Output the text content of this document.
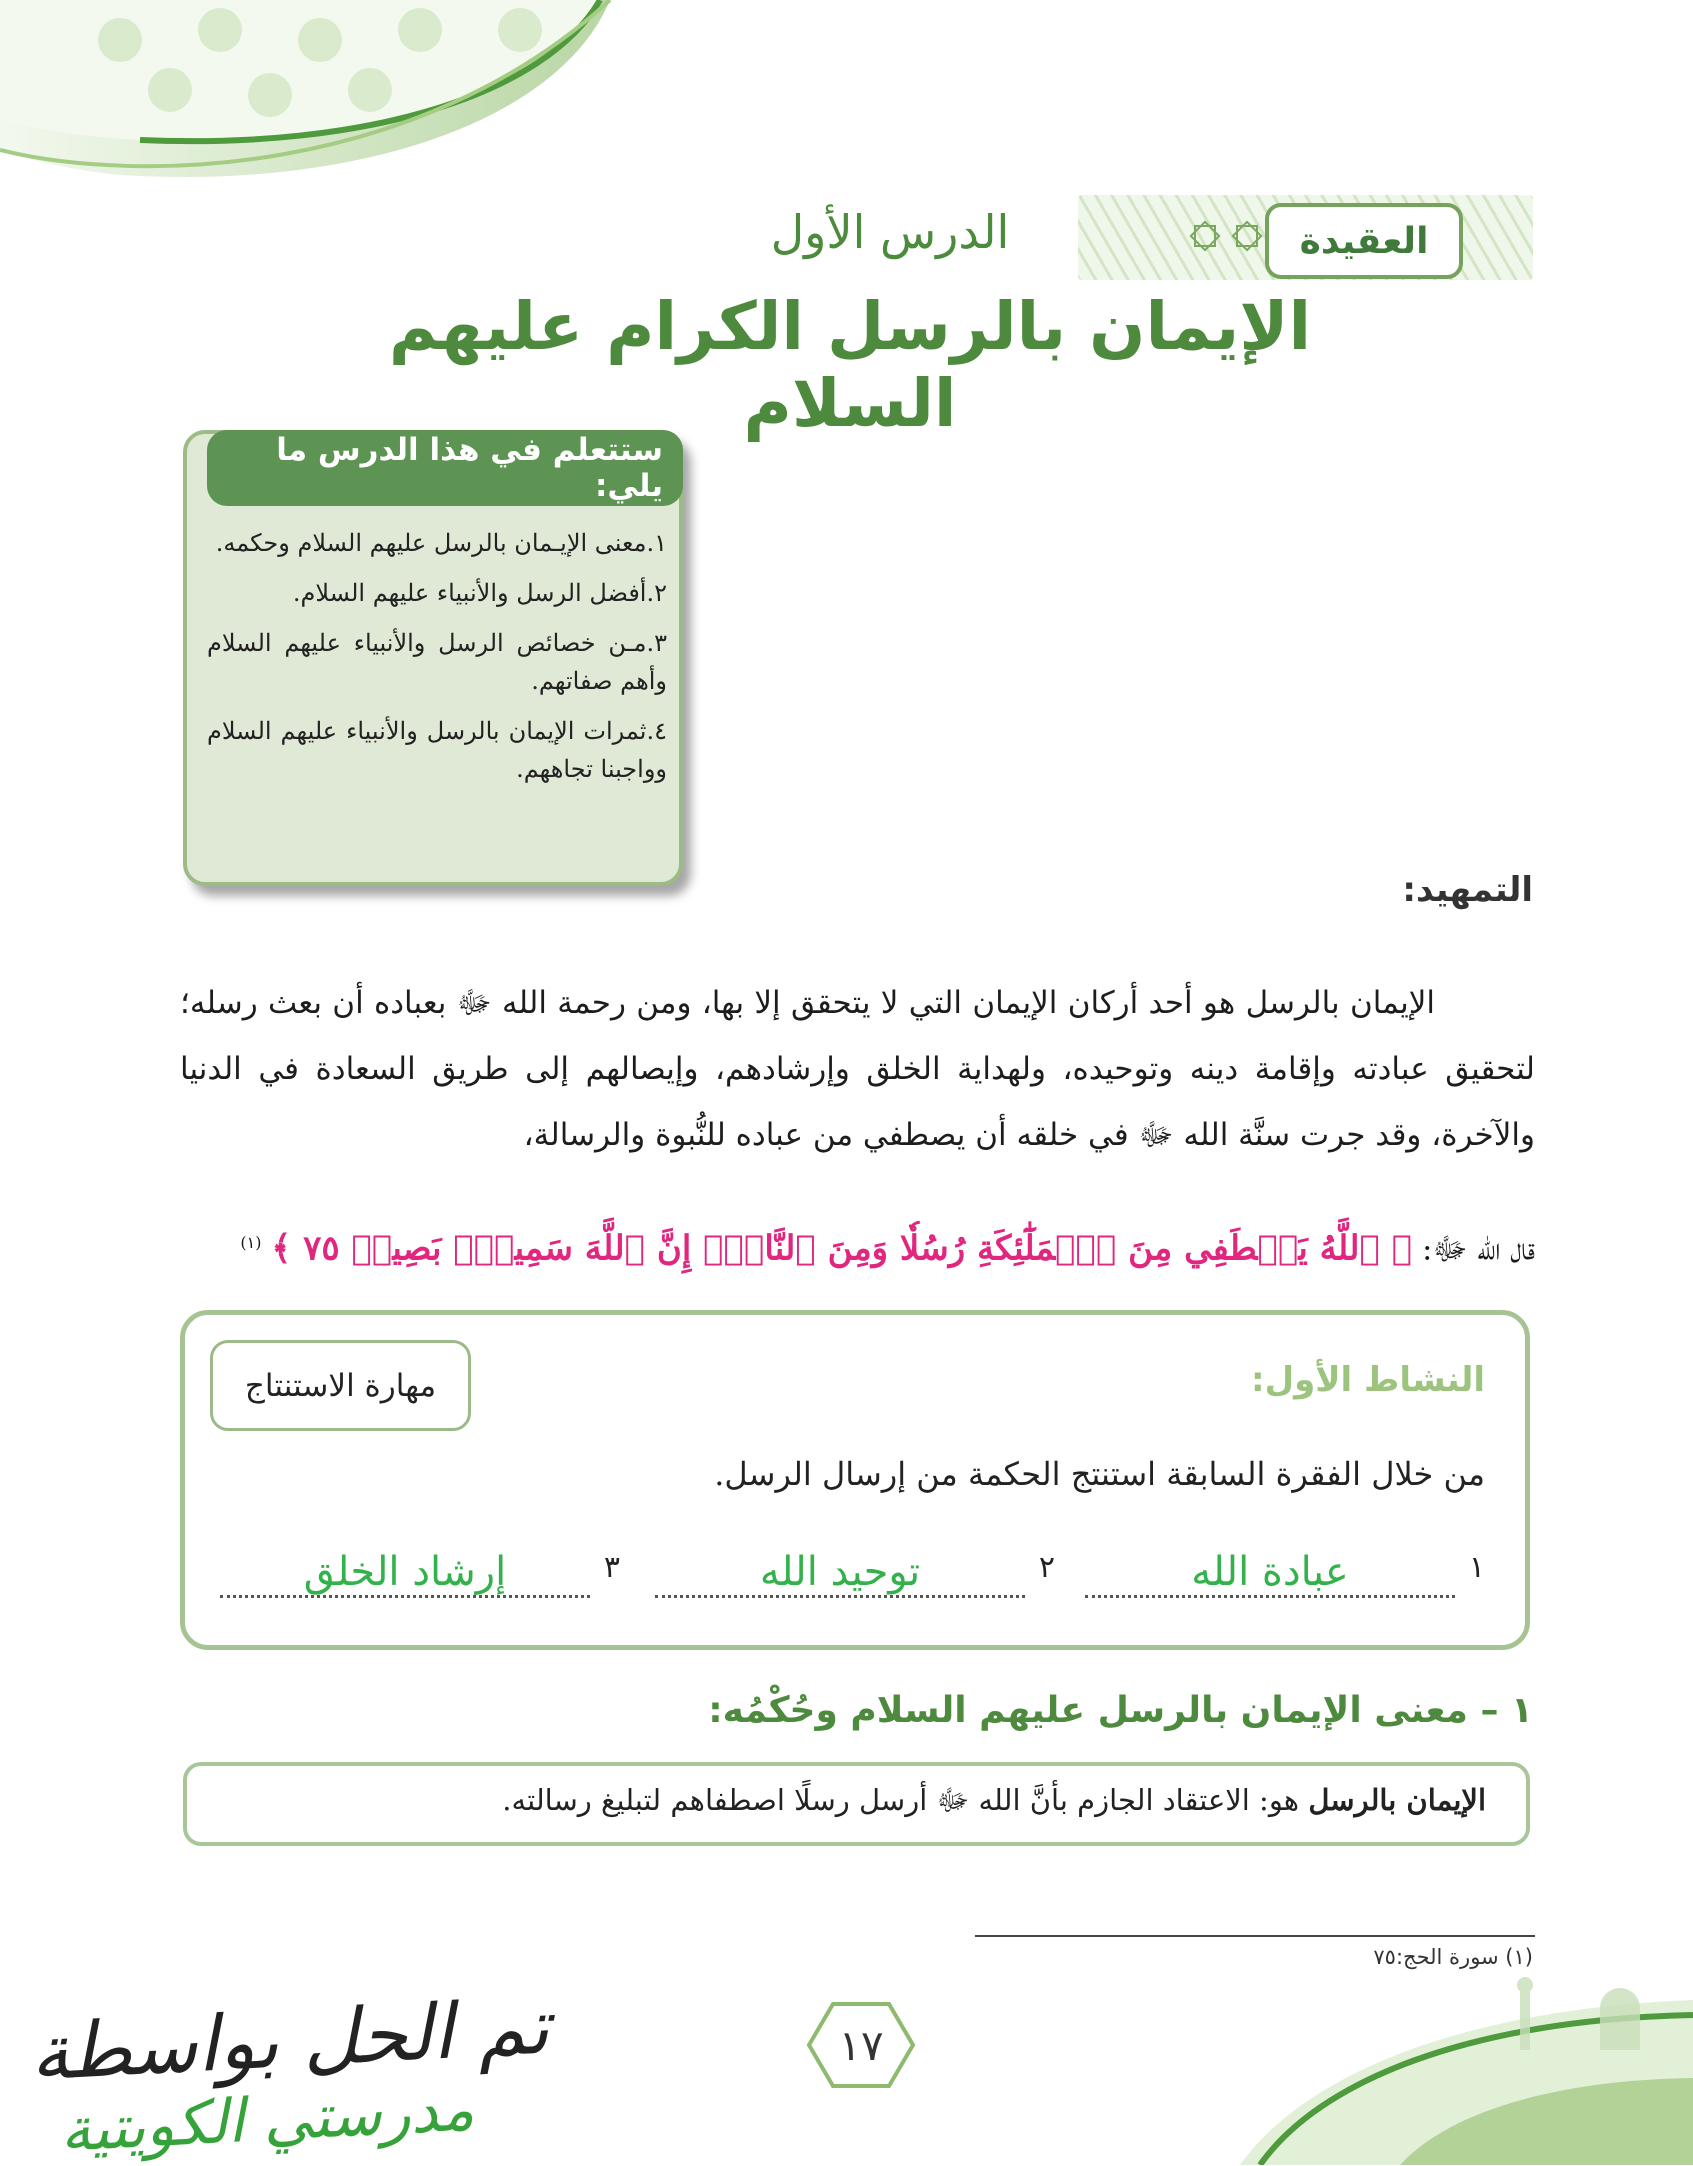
العقيدة
الدرس الأول
الإيمان بالرسل الكرام عليهم السلام
ستتعلم في هذا الدرس ما يلي:
١.معنى الإيـمان بالرسل عليهم السلام وحكمه.
٢.أفضل الرسل والأنبياء عليهم السلام.
٣.مـن خصائص الرسل والأنبياء عليهم السلام وأهم صفاتهم.
٤.ثمرات الإيمان بالرسل والأنبياء عليهم السلام وواجبنا تجاههم.
التمهيد:

الإيمان بالرسل هو أحد أركان الإيمان التي لا يتحقق إلا بها، ومن رحمة الله ﷻ بعباده أن بعث رسله؛ لتحقيق عبادته وإقامة دينه وتوحيده، ولهداية الخلق وإرشادهم، وإيصالهم إلى طريق السعادة في الدنيا والآخرة، وقد جرت سنَّة الله ﷻ في خلقه أن يصطفي من عباده للنُّبوة والرسالة،

قال الله ﷻ: ﴿ ٱللَّهُ يَصۡطَفِي مِنَ ٱلۡمَلَٰٓئِكَةِ رُسُلٗا وَمِنَ ٱلنَّاسِۚ إِنَّ ٱللَّهَ سَمِيعُۢ بَصِيرٞ ٧٥ ﴾ $^{(١)}$
النشاط الأول:
مهارة الاستنتاج
من خلال الفقرة السابقة استنتج الحكمة من إرسال الرسل.
١
عبادة الله
٢
توحيد الله
٣
إرشاد الخلق
١ – معنى الإيمان بالرسل عليهم السلام وحُكْمُه:
الإيمان بالرسل هو: الاعتقاد الجازم بأنَّ الله ﷻ أرسل رسلًا اصطفاهم لتبليغ رسالته.
(١) سورة الحج:٧٥
١٧
تم الحل بواسطة
مدرستي الكويتية
